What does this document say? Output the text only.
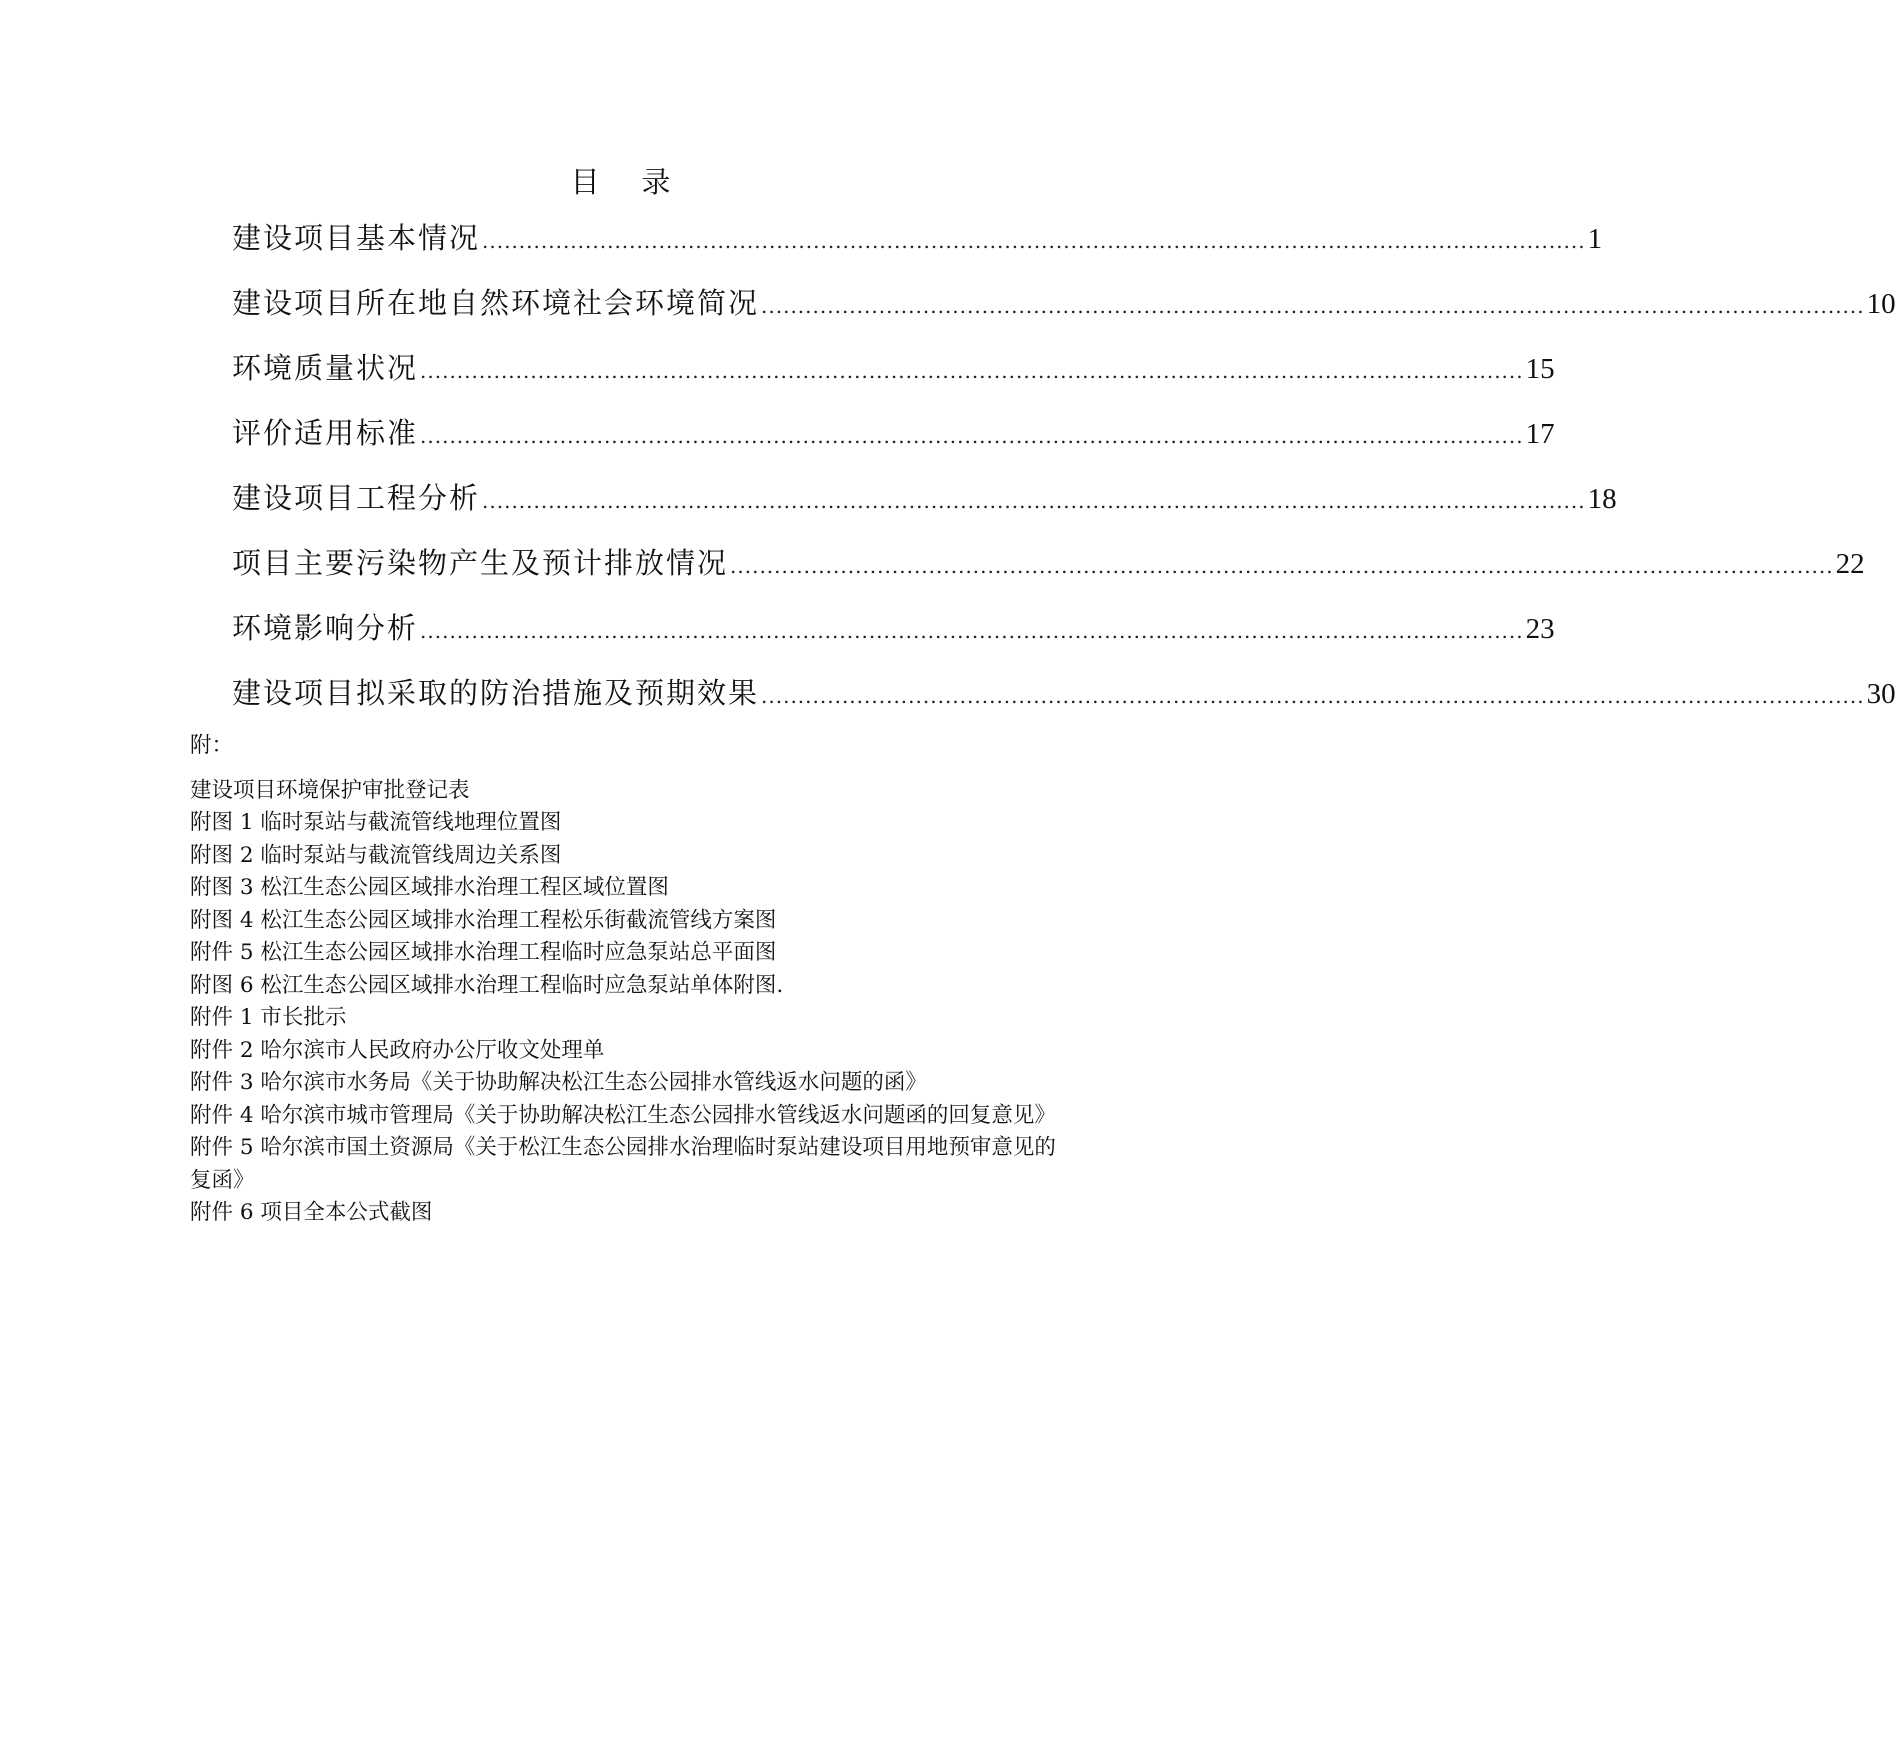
目 录
建设项目基本情况 ...................................................................................................................................................... 1
建设项目所在地自然环境社会环境简况 ...................................................................................................................................................... 10
环境质量状况 ...................................................................................................................................................... 15
评价适用标准 ...................................................................................................................................................... 17
建设项目工程分析 ...................................................................................................................................................... 18
项目主要污染物产生及预计排放情况 ...................................................................................................................................................... 22
环境影响分析 ...................................................................................................................................................... 23
建设项目拟采取的防治措施及预期效果 ...................................................................................................................................................... 30
附：
建设项目环境保护审批登记表
附图 1 临时泵站与截流管线地理位置图
附图 2 临时泵站与截流管线周边关系图
附图 3 松江生态公园区域排水治理工程区域位置图
附图 4 松江生态公园区域排水治理工程松乐街截流管线方案图
附件 5 松江生态公园区域排水治理工程临时应急泵站总平面图
附图 6 松江生态公园区域排水治理工程临时应急泵站单体附图.
附件 1 市长批示
附件 2 哈尔滨市人民政府办公厅收文处理单
附件 3 哈尔滨市水务局《关于协助解决松江生态公园排水管线返水问题的函》
附件 4 哈尔滨市城市管理局《关于协助解决松江生态公园排水管线返水问题函的回复意见》
附件 5 哈尔滨市国土资源局《关于松江生态公园排水治理临时泵站建设项目用地预审意见的复函》
附件 6 项目全本公式截图
